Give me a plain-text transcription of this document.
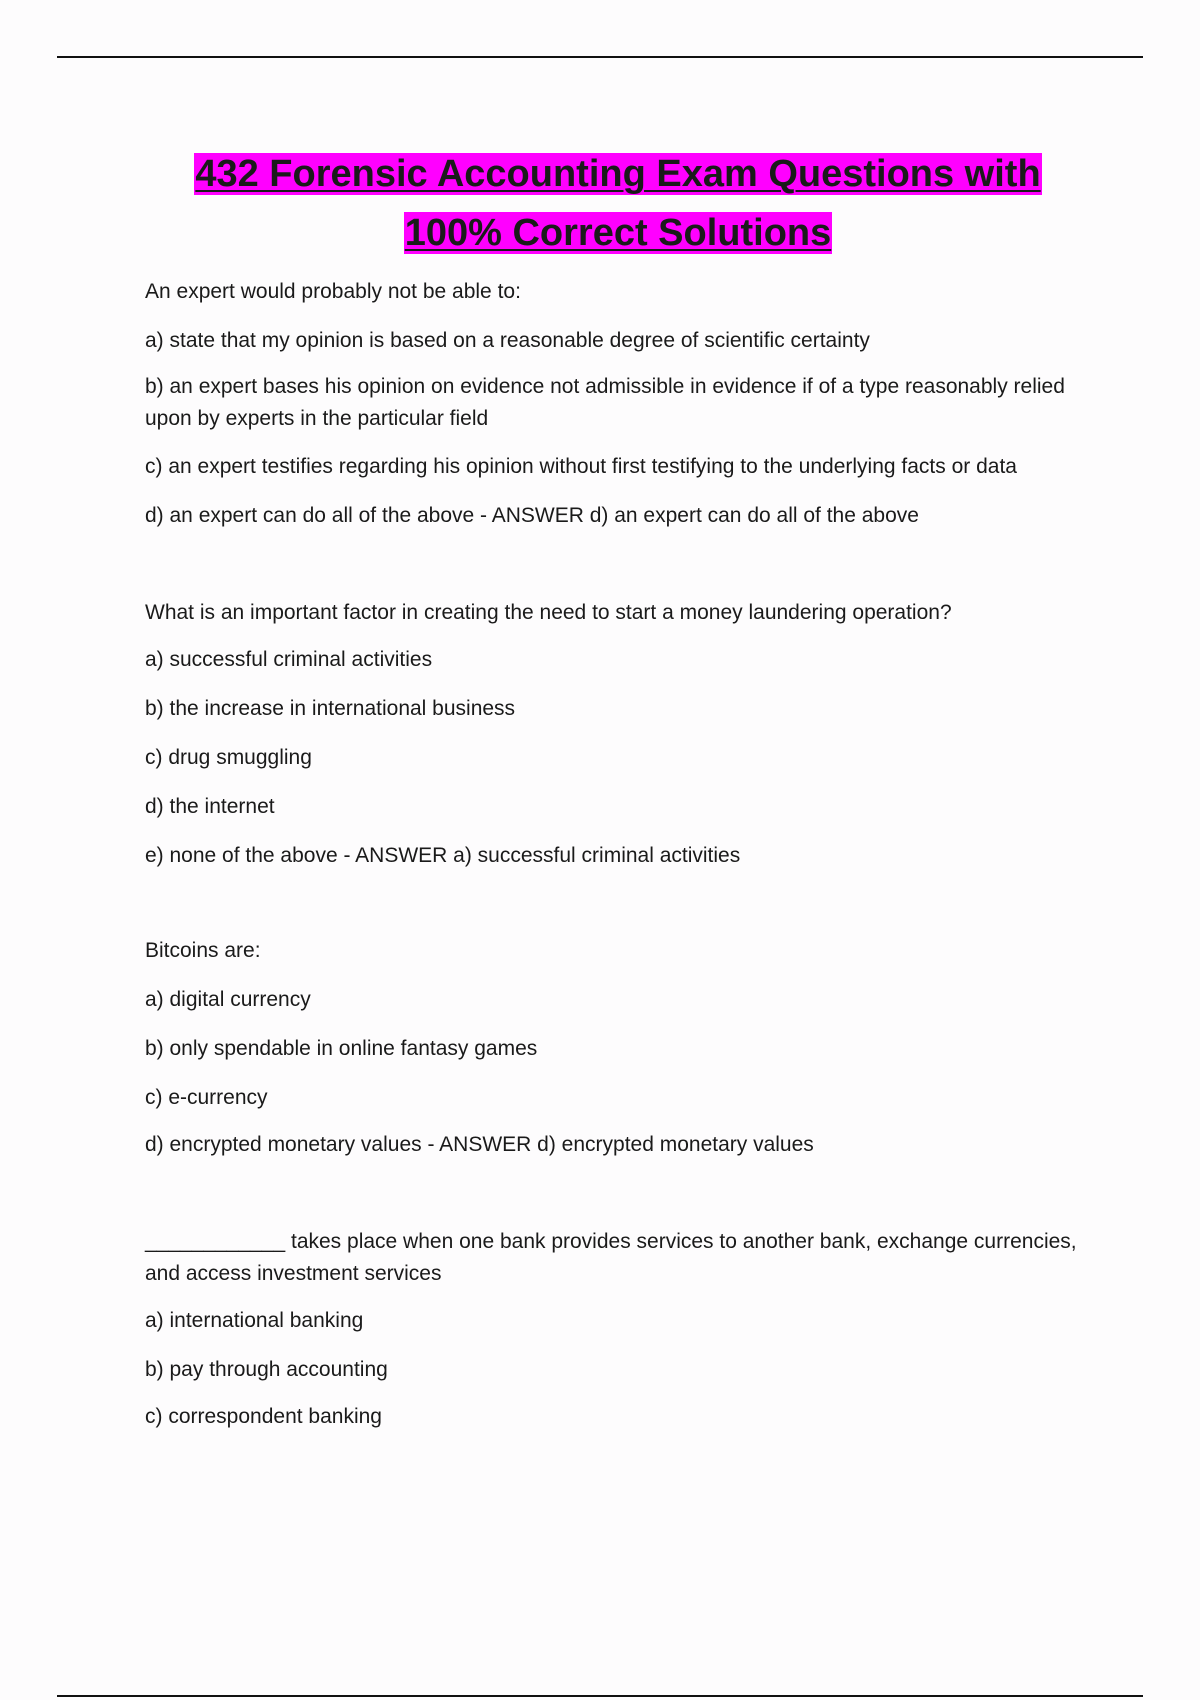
432 Forensic Accounting Exam Questions with
100% Correct Solutions

An expert would probably not be able to:

a) state that my opinion is based on a reasonable degree of scientific certainty

b) an expert bases his opinion on evidence not admissible in evidence if of a type reasonably relied upon by experts in the particular field

c) an expert testifies regarding his opinion without first testifying to the underlying facts or data

d) an expert can do all of the above - ANSWER d) an expert can do all of the above

What is an important factor in creating the need to start a money laundering operation?

a) successful criminal activities

b) the increase in international business

c) drug smuggling

d) the internet

e) none of the above - ANSWER a) successful criminal activities

Bitcoins are:

a) digital currency

b) only spendable in online fantasy games

c) e-currency

d) encrypted monetary values - ANSWER d) encrypted monetary values

____________ takes place when one bank provides services to another bank, exchange currencies, and access investment services

a) international banking

b) pay through accounting

c) correspondent banking
